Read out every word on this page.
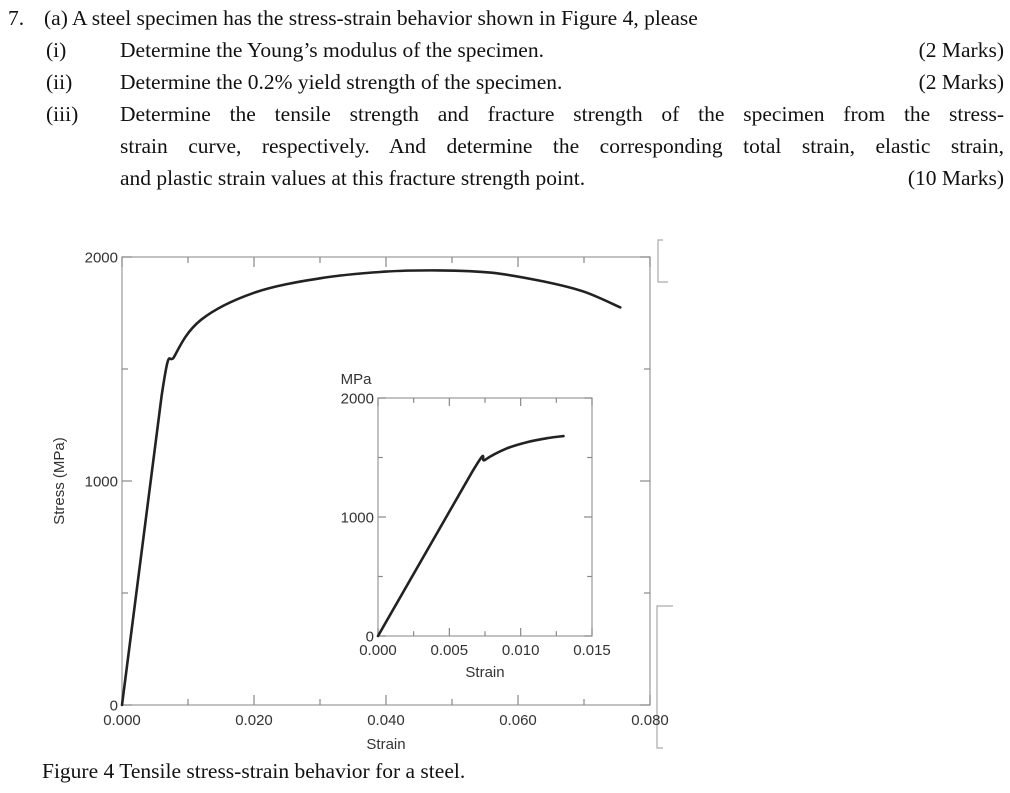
7. (a) A steel specimen has the stress-strain behavior shown in Figure 4, please
(i) Determine the Young’s modulus of the specimen.	(2 Marks)
(ii) Determine the 0.2% yield strength of the specimen.	(2 Marks)
(iii) Determine the tensile strength and fracture strength of the specimen from the stress-
strain curve, respectively. And determine the corresponding total strain, elastic strain,
and plastic strain values at this fracture strength point.	(10 Marks)
0.000	0.020	0.040	0.060	0.080
0
1000
2000
Strain
Stress (MPa)
0.000 0.005 0.010 0.015
0
1000
2000
Strain
MPa
Figure 4 Tensile stress-strain behavior for a steel.
